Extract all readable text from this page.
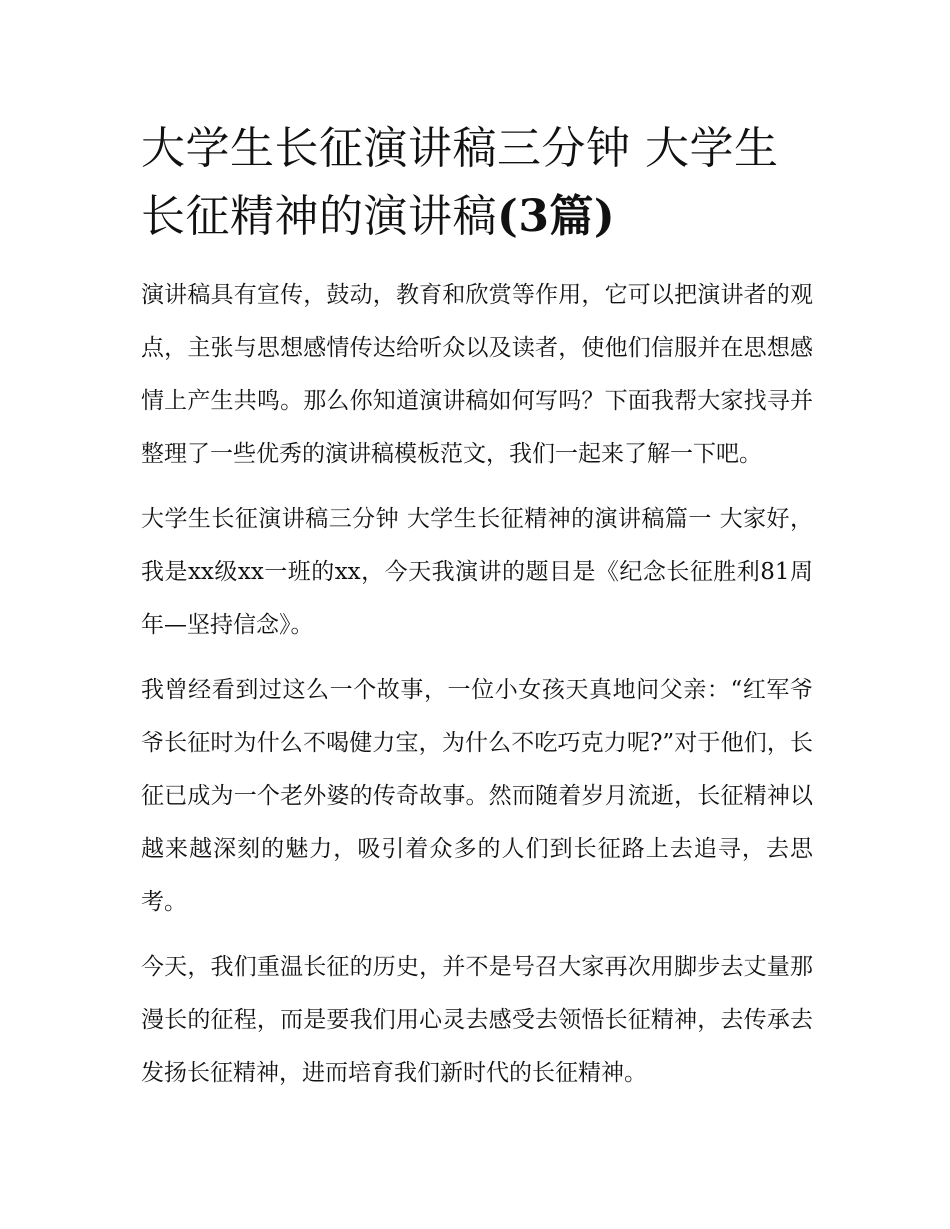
大学生长征演讲稿三分钟 大学生长征精神的演讲稿(3篇)

演讲稿具有宣传，鼓动，教育和欣赏等作用，它可以把演讲者的观点，主张与思想感情传达给听众以及读者，使他们信服并在思想感情上产生共鸣。那么你知道演讲稿如何写吗？下面我帮大家找寻并整理了一些优秀的演讲稿模板范文，我们一起来了解一下吧。

大学生长征演讲稿三分钟 大学生长征精神的演讲稿篇一 大家好，我是xx级xx一班的xx，今天我演讲的题目是《纪念长征胜利81周年—坚持信念》。

我曾经看到过这么一个故事，一位小女孩天真地问父亲：“红军爷爷长征时为什么不喝健力宝，为什么不吃巧克力呢?”对于他们，长征已成为一个老外婆的传奇故事。然而随着岁月流逝，长征精神以越来越深刻的魅力，吸引着众多的人们到长征路上去追寻，去思考。

今天，我们重温长征的历史，并不是号召大家再次用脚步去丈量那漫长的征程，而是要我们用心灵去感受去领悟长征精神，去传承去发扬长征精神，进而培育我们新时代的长征精神。
